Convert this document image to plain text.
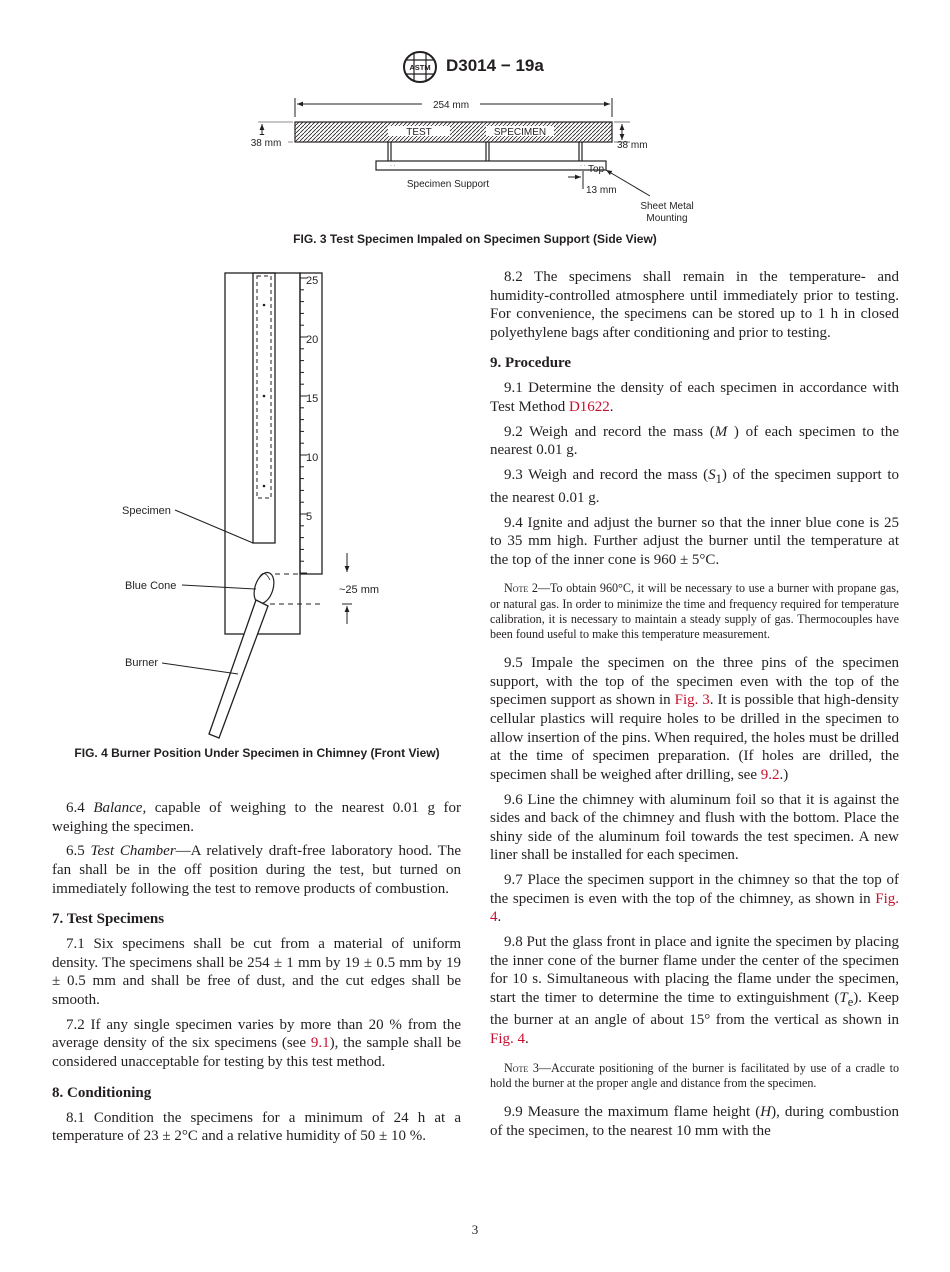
ASTM D3014 − 19a
254 mm
TEST	SPECIMEN
· ·	· ·
38 mm	38 mm
Top
13 mm
Specimen Support
Sheet Metal
Mounting
FIG. 3 Test Specimen Impaled on Specimen Support (Side View)
25
20
15
10
5
~25 mm
Specimen
Blue Cone
Burner
FIG. 4 Burner Position Under Specimen in Chimney (Front View)

6.4 Balance, capable of weighing to the nearest 0.01 g for weighing the specimen.

6.5 Test Chamber—A relatively draft-free laboratory hood. The fan shall be in the off position during the test, but turned on immediately following the test to remove products of combustion.

7. Test Specimens

7.1 Six specimens shall be cut from a material of uniform density. The specimens shall be 254 ± 1 mm by 19 ± 0.5 mm by 19 ± 0.5 mm and shall be free of dust, and the cut edges shall be smooth.

7.2 If any single specimen varies by more than 20 % from the average density of the six specimens (see 9.1), the sample shall be considered unacceptable for testing by this test method.

8. Conditioning

8.1 Condition the specimens for a minimum of 24 h at a temperature of 23 ± 2°C and a relative humidity of 50 ± 10 %.

8.2 The specimens shall remain in the temperature- and humidity-controlled atmosphere until immediately prior to testing. For convenience, the specimens can be stored up to 1 h in closed polyethylene bags after conditioning and prior to testing.

9. Procedure

9.1 Determine the density of each specimen in accordance with Test Method D1622.

9.2 Weigh and record the mass (M ) of each specimen to the nearest 0.01 g.

9.3 Weigh and record the mass $(S_1)$ of the specimen support to the nearest 0.01 g.

9.4 Ignite and adjust the burner so that the inner blue cone is 25 to 35 mm high. Further adjust the burner until the temperature at the top of the inner cone is 960 ± 5°C.

Note 2—To obtain 960°C, it will be necessary to use a burner with propane gas, or natural gas. In order to minimize the time and frequency required for temperature calibration, it is necessary to maintain a steady supply of gas. Thermocouples have been found useful to make this temperature measurement.

9.5 Impale the specimen on the three pins of the specimen support, with the top of the specimen even with the top of the specimen support as shown in Fig. 3. It is possible that high-density cellular plastics will require holes to be drilled in the specimen to allow insertion of the pins. When required, the holes must be drilled at the time of specimen preparation. (If holes are drilled, the specimen shall be weighed after drilling, see 9.2.)

9.6 Line the chimney with aluminum foil so that it is against the sides and back of the chimney and flush with the bottom. Place the shiny side of the aluminum foil towards the test specimen. A new liner shall be installed for each specimen.

9.7 Place the specimen support in the chimney so that the top of the specimen is even with the top of the chimney, as shown in Fig. 4.

9.8 Put the glass front in place and ignite the specimen by placing the inner cone of the burner flame under the center of the specimen for 10 s. Simultaneous with placing the flame under the specimen, start the timer to determine the time to extinguishment $(T_e)$. Keep the burner at an angle of about 15° from the vertical as shown in Fig. 4.

Note 3—Accurate positioning of the burner is facilitated by use of a cradle to hold the burner at the proper angle and distance from the specimen.

9.9 Measure the maximum flame height (H), during combustion of the specimen, to the nearest 10 mm with the

3
